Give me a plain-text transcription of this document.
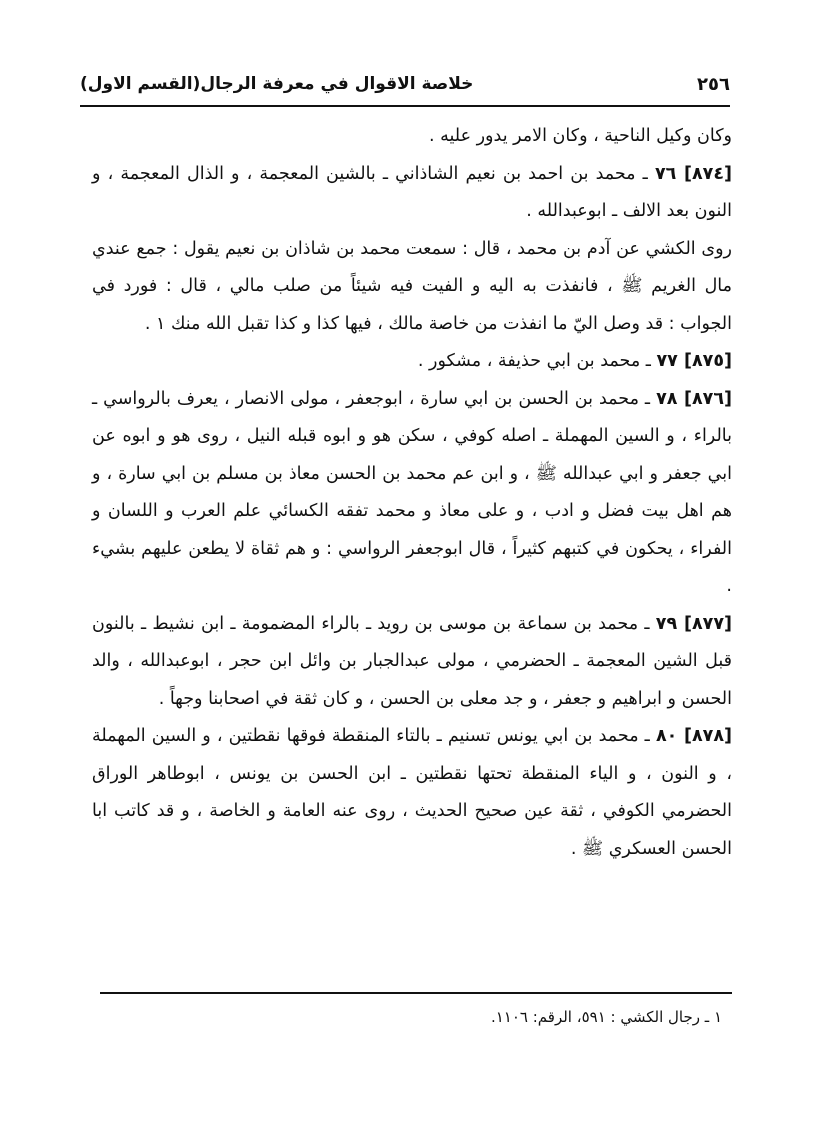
٢٥٦
خلاصة الاقوال في معرفة الرجال(القسم الاول)

وكان وكيل الناحية ، وكان الامر يدور عليه .

[٨٧٤] ٧٦ ـ محمد بن احمد بن نعيم الشاذاني ـ بالشين المعجمة ، و الذال المعجمة ، و النون بعد الالف ـ ابوعبدالله .

روى الكشي عن آدم بن محمد ، قال : سمعت محمد بن شاذان بن نعيم يقول : جمع عندي مال الغريم ﷺ ، فانفذت به اليه و الفيت فيه شيئاً من صلب مالي ، قال : فورد في الجواب : قد وصل اليّ ما انفذت من خاصة مالك ، فيها كذا و كذا تقبل الله منك ١ .

[٨٧٥] ٧٧ ـ محمد بن ابي حذيفة ، مشكور .

[٨٧٦] ٧٨ ـ محمد بن الحسن بن ابي سارة ، ابوجعفر ، مولى الانصار ، يعرف بالرواسي ـ بالراء ، و السين المهملة ـ اصله كوفي ، سكن هو و ابوه قبله النيل ، روى هو و ابوه عن ابي جعفر و ابي عبدالله ﷺ ، و ابن عم محمد بن الحسن معاذ بن مسلم بن ابي سارة ، و هم اهل بيت فضل و ادب ، و على معاذ و محمد تفقه الكسائي علم العرب و اللسان و الفراء ، يحكون في كتبهم كثيراً ، قال ابوجعفر الرواسي : و هم ثقاة لا يطعن عليهم بشيء .

[٨٧٧] ٧٩ ـ محمد بن سماعة بن موسى بن رويد ـ بالراء المضمومة ـ ابن نشيط ـ بالنون قبل الشين المعجمة ـ الحضرمي ، مولى عبدالجبار بن وائل ابن حجر ، ابوعبدالله ، والد الحسن و ابراهيم و جعفر ، و جد معلى بن الحسن ، و كان ثقة في اصحابنا وجهاً .

[٨٧٨] ٨٠ ـ محمد بن ابي يونس تسنيم ـ بالتاء المنقطة فوقها نقطتين ، و السين المهملة ، و النون ، و الياء المنقطة تحتها نقطتين ـ ابن الحسن بن يونس ، ابوطاهر الوراق الحضرمي الكوفي ، ثقة عين صحيح الحديث ، روى عنه العامة و الخاصة ، و قد كاتب ابا الحسن العسكري ﷺ .

١ ـ رجال الكشي : ٥٩١، الرقم: ١١٠٦.
